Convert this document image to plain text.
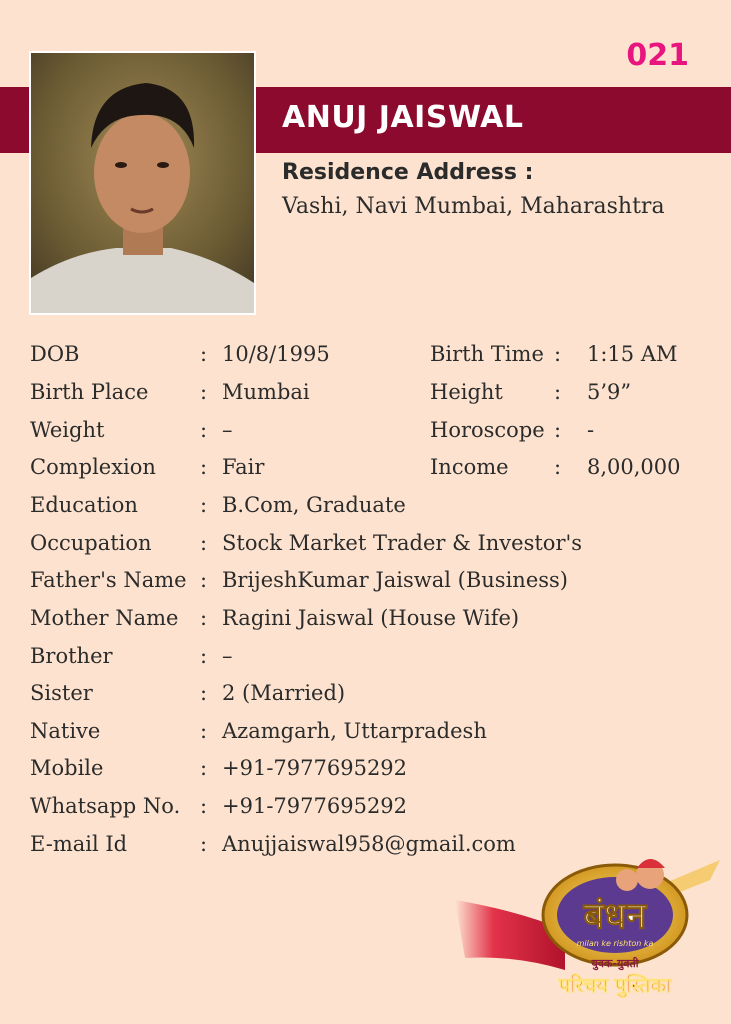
021
ANUJ JAISWAL
Residence Address :
Vashi, Navi Mumbai, Maharashtra
DOB	: 10/8/1995
Birth Place : Mumbai
Weight	: –
Complexion : Fair
Education	: B.Com, Graduate
Occupation : Stock Market Trader & Investor's
Father's Name : BrijeshKumar Jaiswal (Business)
Mother Name : Ragini Jaiswal (House Wife)
Brother	: –
Sister	: 2 (Married)
Native	: Azamgarh, Uttarpradesh
Mobile	: +91-7977695292
Whatsapp No. : +91-7977695292
E-mail Id	: Anujjaiswal958@gmail.com
Birth Time : 1:15 AM
Height : 5’9”
Horoscope : -
Income : 8,00,000
बंधन
milan ke rishton ka
युवक-युवती
परिचय पुस्तिका
